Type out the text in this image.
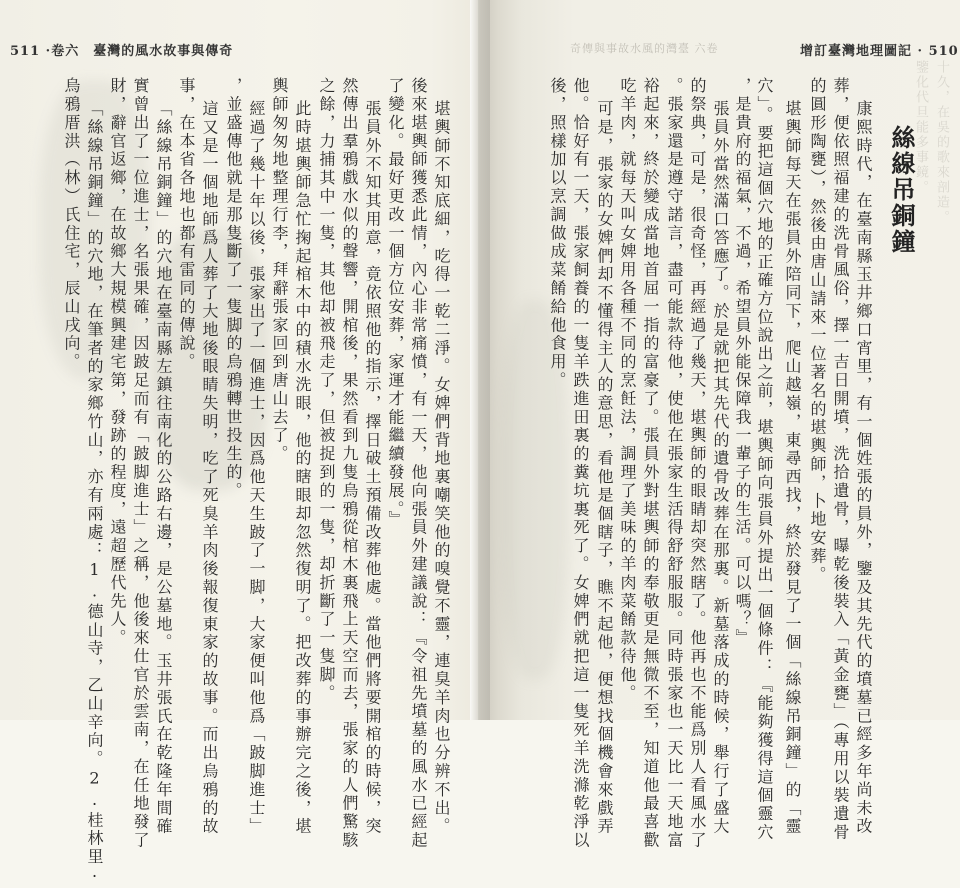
奇傳與事故水風的灣臺 六卷
十久，在吳的歌來剖造。
鑒化代旦能多事鏡。
511 ·卷六　臺灣的風水故事與傳奇	增訂臺灣地理圖記 · 510
絲線吊銅鐘
堪輿師不知底細，吃得一乾二淨。女婢們背地裏嘲笑他的嗅覺不靈，連臭羊肉也分辨不出。
後來堪輿師獲悉此情，內心非常痛憤，有一天，他向張員外建議說：『令祖先墳墓的風水已經起
了變化。最好更改一個方位安葬，家運才能繼續發展。』
張員外不知其用意，竟依照他的指示，擇日破土預備改葬他處。當他們將要開棺的時候，突
然傳出羣鴉戲水似的聲響，開棺後，果然看到九隻烏鴉從棺木裏飛上天空而去，張家的人們驚駭
之餘，力捕其中一隻，其他却被飛走了，但被捉到的一隻，却折斷了一隻脚。
此時堪輿師急忙掬起棺木中的積水洗眼，他的瞎眼却忽然復明了。把改葬的事辦完之後，堪
輿師匆匆地整理行李，拜辭張家回到唐山去了。
經過了幾十年以後，張家出了一個進士，因爲他天生跛了一脚，大家便叫他爲「跛脚進士」
，並盛傳他就是那隻斷了一隻脚的烏鴉轉世投生的。
這又是一個地師爲人葬了大地後眼睛失明，吃了死臭羊肉後報復東家的故事。而出烏鴉的故
事，在本省各地也都有雷同的傳說。
「絲線吊銅鐘」的穴地在臺南縣左鎮往南化的公路右邊，是公墓地。玉井張氏在乾隆年間確
實曾出了一位進士，名張果確，因跛足而有「跛脚進士」之稱，他後來仕官於雲南，在任地發了
財，辭官返鄉，在故鄉大規模興建宅第，發跡的程度，遠超歷代先人。
「絲線吊銅鐘」的穴地，在筆者的家鄉竹山，亦有兩處：1.德山寺，乙山辛向。2.桂林里·
烏鴉厝洪（林）氏住宅，辰山戌向。	康熙時代，在臺南縣玉井鄉口宵里，有一個姓張的員外，鑒及其先代的墳墓已經多年尚未改
葬，便依照福建的洗骨風俗，擇一吉日開墳，洗拾遺骨，曝乾後裝入「黃金甕」（專用以裝遺骨
的圓形陶甕），然後由唐山請來一位著名的堪輿師，卜地安葬。
堪輿師每天在張員外陪同下，爬山越嶺，東尋西找，終於發見了一個「絲線吊銅鐘」的「靈
穴」。要把這個穴地的正確方位說出之前，堪輿師向張員外提出一個條件：『能夠獲得這個靈穴
，是貴府的福氣，不過，希望員外能保障我一輩子的生活。可以嗎？』
張員外當然滿口答應了。於是就把其先代的遺骨改葬在那裏。新墓落成的時候，舉行了盛大
的祭典，可是，很奇怪，再經過了幾天，堪輿師的眼睛却突然瞎了。他再也不能爲別人看風水了
。張家還是遵守諾言，盡可能款待他，使他在張家生活得舒舒服服。同時張家也一天比一天地富
裕起來，終於變成當地首屈一指的富豪了。張員外對堪輿師的奉敬更是無微不至，知道他最喜歡
吃羊肉，就每天叫女婢用各種不同的烹飪法，調理了美味的羊肉菜餚款待他。
可是，張家的女婢們却不懂得主人的意思，看他是個瞎子，瞧不起他，便想找個機會來戲弄
他。恰好有一天，張家飼養的一隻羊跌進田裏的糞坑裏死了。女婢們就把這一隻死羊洗滌乾淨以
後，照樣加以烹調做成菜餚給他食用。
